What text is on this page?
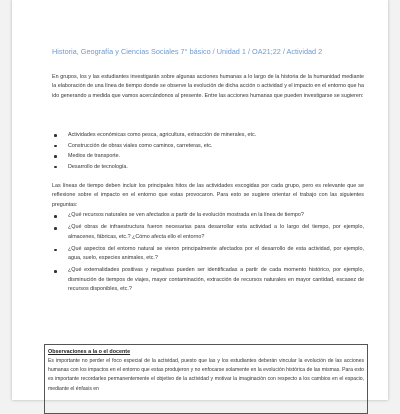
Historia, Geografía y Ciencias Sociales 7° básico / Unidad 1 / OA21;22 / Actividad 2

En grupos, los y las estudiantes investigarán sobre algunas acciones humanas a lo largo de la historia de la humanidad mediante la elaboración de una línea de tiempo donde se observe la evolución de dicha acción o actividad y el impacto en el entorno que ha ido generando a medida que vamos acercándonos al presente. Entre las acciones humanas que pueden investigarse se sugieren:

Actividades económicas como pesca, agricultura, extracción de minerales, etc.
Construcción de obras viales como caminos, carreteras, etc.
Medios de transporte.
Desarrollo de tecnología.

Las líneas de tiempo deben incluir los principales hitos de las actividades escogidas por cada grupo, pero es relevante que se reflexione sobre el impacto en el entorno que estas provocaron. Para esto se sugiere orientar el trabajo con las siguientes preguntas:

¿Qué recursos naturales se ven afectados a partir de la evolución mostrada en la línea de tiempo?
¿Qué obras de infraestructura fueron necesarias para desarrollar esta actividad a lo largo del tiempo, por ejemplo, almacenes, fábricas, etc.? ¿Cómo afecta ello el entorno?
¿Qué aspectos del entorno natural se vieron principalmente afectados por el desarrollo de esta actividad, por ejemplo, agua, suelo, especies animales, etc.?
¿Qué externalidades positivas y negativas pueden ser identificadas a partir de cada momento histórico, por ejemplo, disminución de tiempos de viajes, mayor contaminación, extracción de recursos naturales en mayor cantidad, escasez de recursos disponibles, etc.?
Observaciones a la o el docente
Es importante no perder el foco especial de la actividad, puesto que las y los estudiantes deberán vincular la evolución de las acciones humanas con los impactos en el entorno que estas produjeron y no enfocarse solamente en la evolución histórica de las mismas. Para esto es importante recordarles permanentemente el objetivo de la actividad y motivar la imaginación con respecto a los cambios en el espacio, mediante el énfasis en
